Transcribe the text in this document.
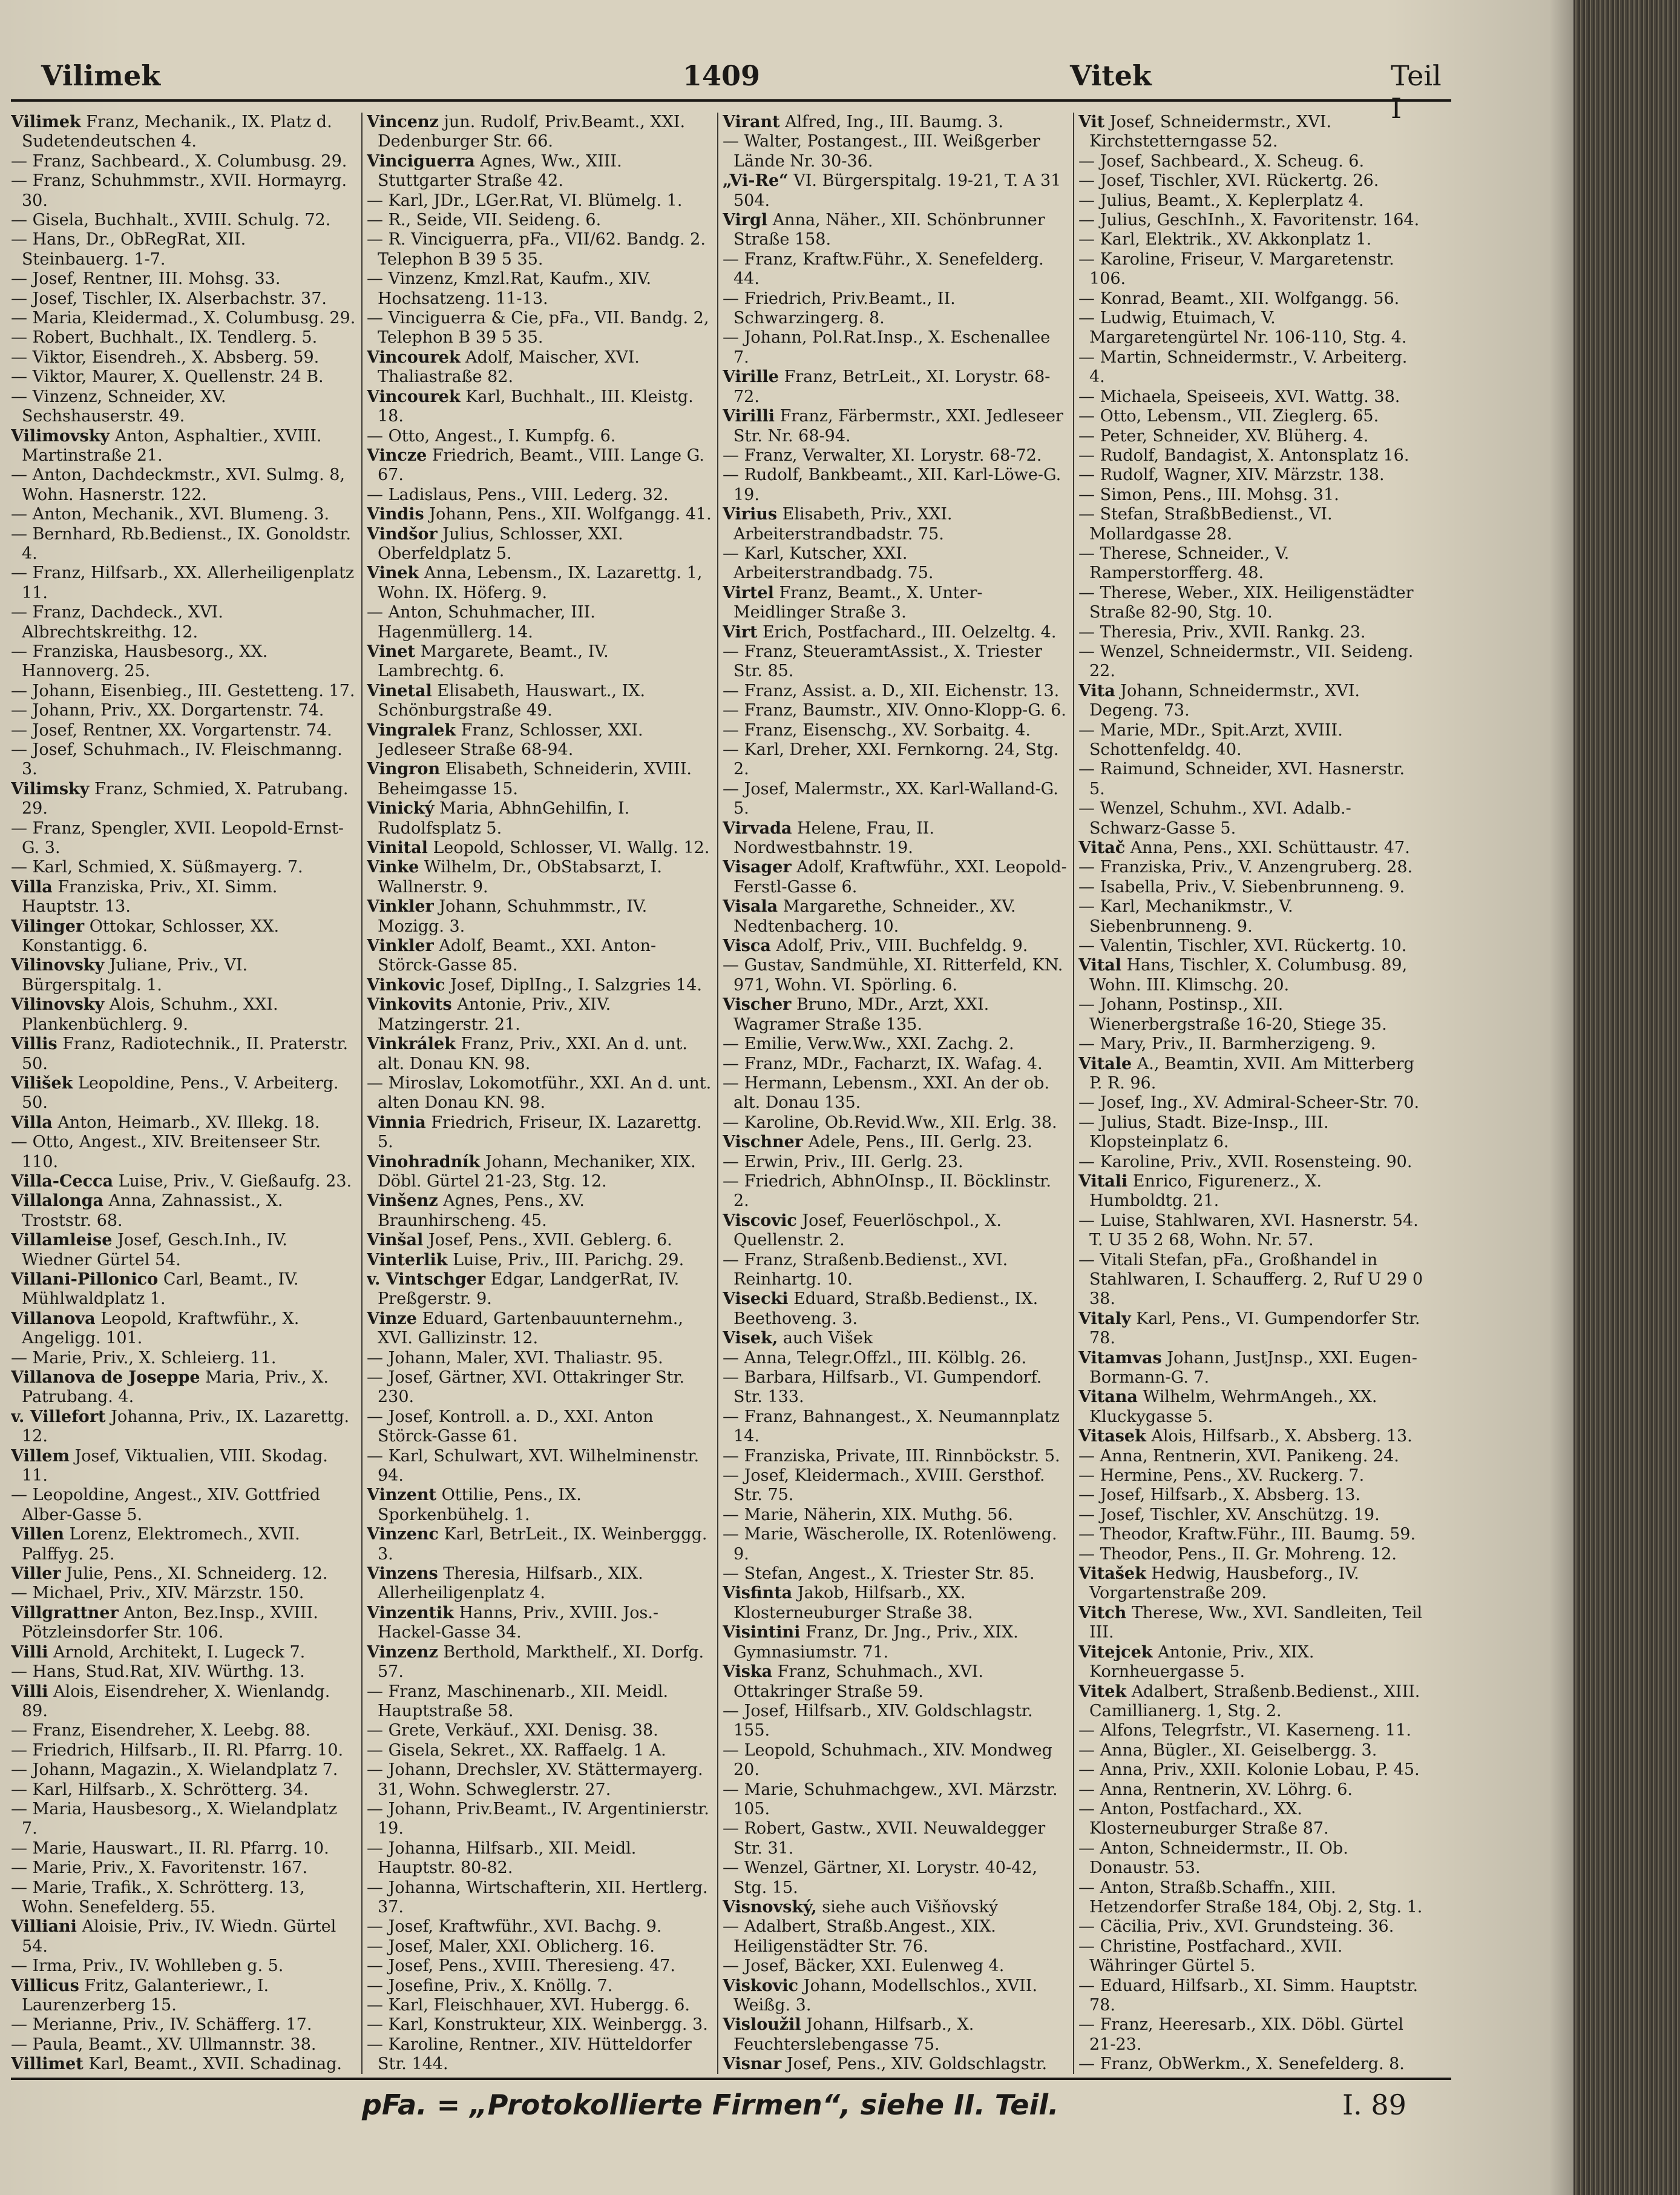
Vilimek	1409	Vitek	Teil I
Vilimek Franz, Mechanik., IX. Platz d. Sudetendeutschen 4.
— Franz, Sachbeard., X. Columbusg. 29.
— Franz, Schuhmmstr., XVII. Hormayrg. 30.
— Gisela, Buchhalt., XVIII. Schulg. 72.
— Hans, Dr., ObRegRat, XII. Steinbauerg. 1-7.
— Josef, Rentner, III. Mohsg. 33.
— Josef, Tischler, IX. Alserbachstr. 37.
— Maria, Kleidermad., X. Columbusg. 29.
— Robert, Buchhalt., IX. Tendlerg. 5.
— Viktor, Eisendreh., X. Absberg. 59.
— Viktor, Maurer, X. Quellenstr. 24 B.
— Vinzenz, Schneider, XV. Sechshauserstr. 49.
Vilimovsky Anton, Asphaltier., XVIII. Martinstraße 21.
— Anton, Dachdeckmstr., XVI. Sulmg. 8, Wohn. Hasnerstr. 122.
— Anton, Mechanik., XVI. Blumeng. 3.
— Bernhard, Rb.Bedienst., IX. Gonoldstr. 4.
— Franz, Hilfsarb., XX. Allerheiligenplatz 11.
— Franz, Dachdeck., XVI. Albrechtskreithg. 12.
— Franziska, Hausbesorg., XX. Hannoverg. 25.
— Johann, Eisenbieg., III. Gestetteng. 17.
— Johann, Priv., XX. Dorgartenstr. 74.
— Josef, Rentner, XX. Vorgartenstr. 74.
— Josef, Schuhmach., IV. Fleischmanng. 3.
Vilimsky Franz, Schmied, X. Patrubang. 29.
— Franz, Spengler, XVII. Leopold-Ernst-G. 3.
— Karl, Schmied, X. Süßmayerg. 7.
Villa Franziska, Priv., XI. Simm. Hauptstr. 13.
Vilinger Ottokar, Schlosser, XX. Konstantigg. 6.
Vilinovsky Juliane, Priv., VI. Bürgerspitalg. 1.
Vilinovsky Alois, Schuhm., XXI. Plankenbüchlerg. 9.
Villis Franz, Radiotechnik., II. Praterstr. 50.
Vilišek Leopoldine, Pens., V. Arbeiterg. 50.
Villa Anton, Heimarb., XV. Illekg. 18.
— Otto, Angest., XIV. Breitenseer Str. 110.
Villa-Cecca Luise, Priv., V. Gießaufg. 23.
Villalonga Anna, Zahnassist., X. Troststr. 68.
Villamleise Josef, Gesch.Inh., IV. Wiedner Gürtel 54.
Villani-Pillonico Carl, Beamt., IV. Mühlwaldplatz 1.
Villanova Leopold, Kraftwführ., X. Angeligg. 101.
— Marie, Priv., X. Schleierg. 11.
Villanova de Joseppe Maria, Priv., X. Patrubang. 4.
v. Villefort Johanna, Priv., IX. Lazarettg. 12.
Villem Josef, Viktualien, VIII. Skodag. 11.
— Leopoldine, Angest., XIV. Gottfried Alber-Gasse 5.
Villen Lorenz, Elektromech., XVII. Palffyg. 25.
Viller Julie, Pens., XI. Schneiderg. 12.
— Michael, Priv., XIV. Märzstr. 150.
Villgrattner Anton, Bez.Insp., XVIII. Pötzleinsdorfer Str. 106.
Villi Arnold, Architekt, I. Lugeck 7.
— Hans, Stud.Rat, XIV. Würthg. 13.
Villi Alois, Eisendreher, X. Wienlandg. 89.
— Franz, Eisendreher, X. Leebg. 88.
— Friedrich, Hilfsarb., II. Rl. Pfarrg. 10.
— Johann, Magazin., X. Wielandplatz 7.
— Karl, Hilfsarb., X. Schrötterg. 34.
— Maria, Hausbesorg., X. Wielandplatz 7.
— Marie, Hauswart., II. Rl. Pfarrg. 10.
— Marie, Priv., X. Favoritenstr. 167.
— Marie, Trafik., X. Schrötterg. 13, Wohn. Senefelderg. 55.
Villiani Aloisie, Priv., IV. Wiedn. Gürtel 54.
— Irma, Priv., IV. Wohlleben g. 5.
Villicus Fritz, Galanteriewr., I. Laurenzerberg 15.
— Merianne, Priv., IV. Schäfferg. 17.
— Paula, Beamt., XV. Ullmannstr. 38.
Villimet Karl, Beamt., XVII. Schadinag.
Vincenz jun. Rudolf, Priv.Beamt., XXI. Dedenburger Str. 66.
Vinciguerra Agnes, Ww., XIII. Stuttgarter Straße 42.
— Karl, JDr., LGer.Rat, VI. Blümelg. 1.
— R., Seide, VII. Seideng. 6.
— R. Vinciguerra, pFa., VII/62. Bandg. 2. Telephon B 39 5 35.
— Vinzenz, Kmzl.Rat, Kaufm., XIV. Hochsatzeng. 11-13.
— Vinciguerra & Cie, pFa., VII. Bandg. 2, Telephon B 39 5 35.
Vincourek Adolf, Maischer, XVI. Thaliastraße 82.
Vincourek Karl, Buchhalt., III. Kleistg. 18.
— Otto, Angest., I. Kumpfg. 6.
Vincze Friedrich, Beamt., VIII. Lange G. 67.
— Ladislaus, Pens., VIII. Lederg. 32.
Vindis Johann, Pens., XII. Wolfgangg. 41.
Vindšor Julius, Schlosser, XXI. Oberfeldplatz 5.
Vinek Anna, Lebensm., IX. Lazarettg. 1, Wohn. IX. Höferg. 9.
— Anton, Schuhmacher, III. Hagenmüllerg. 14.
Vinet Margarete, Beamt., IV. Lambrechtg. 6.
Vinetal Elisabeth, Hauswart., IX. Schönburgstraße 49.
Vingralek Franz, Schlosser, XXI. Jedleseer Straße 68-94.
Vingron Elisabeth, Schneiderin, XVIII. Beheimgasse 15.
Vinický Maria, AbhnGehilfin, I. Rudolfsplatz 5.
Vinital Leopold, Schlosser, VI. Wallg. 12.
Vinke Wilhelm, Dr., ObStabsarzt, I. Wallnerstr. 9.
Vinkler Johann, Schuhmmstr., IV. Mozigg. 3.
Vinkler Adolf, Beamt., XXI. Anton-Störck-Gasse 85.
Vinkovic Josef, DiplIng., I. Salzgries 14.
Vinkovits Antonie, Priv., XIV. Matzingerstr. 21.
Vinkrálek Franz, Priv., XXI. An d. unt. alt. Donau KN. 98.
— Miroslav, Lokomotführ., XXI. An d. unt. alten Donau KN. 98.
Vinnia Friedrich, Friseur, IX. Lazarettg. 5.
Vinohradník Johann, Mechaniker, XIX. Döbl. Gürtel 21-23, Stg. 12.
Vinšenz Agnes, Pens., XV. Braunhirscheng. 45.
Vinšal Josef, Pens., XVII. Geblerg. 6.
Vinterlik Luise, Priv., III. Parichg. 29.
v. Vintschger Edgar, LandgerRat, IV. Preßgerstr. 9.
Vinze Eduard, Gartenbauunternehm., XVI. Gallizinstr. 12.
— Johann, Maler, XVI. Thaliastr. 95.
— Josef, Gärtner, XVI. Ottakringer Str. 230.
— Josef, Kontroll. a. D., XXI. Anton Störck-Gasse 61.
— Karl, Schulwart, XVI. Wilhelminenstr. 94.
Vinzent Ottilie, Pens., IX. Sporkenbühelg. 1.
Vinzenc Karl, BetrLeit., IX. Weinberggg. 3.
Vinzens Theresia, Hilfsarb., XIX. Allerheiligenplatz 4.
Vinzentik Hanns, Priv., XVIII. Jos.-Hackel-Gasse 34.
Vinzenz Berthold, Markthelf., XI. Dorfg. 57.
— Franz, Maschinenarb., XII. Meidl. Hauptstraße 58.
— Grete, Verkäuf., XXI. Denisg. 38.
— Gisela, Sekret., XX. Raffaelg. 1 A.
— Johann, Drechsler, XV. Stättermayerg. 31, Wohn. Schweglerstr. 27.
— Johann, Priv.Beamt., IV. Argentinierstr. 19.
— Johanna, Hilfsarb., XII. Meidl. Hauptstr. 80-82.
— Johanna, Wirtschafterin, XII. Hertlerg. 37.
— Josef, Kraftwführ., XVI. Bachg. 9.
— Josef, Maler, XXI. Oblicherg. 16.
— Josef, Pens., XVIII. Theresieng. 47.
— Josefine, Priv., X. Knöllg. 7.
— Karl, Fleischhauer, XVI. Hubergg. 6.
— Karl, Konstrukteur, XIX. Weinbergg. 3.
— Karoline, Rentner., XIV. Hütteldorfer Str. 144.
Virant Alfred, Ing., III. Baumg. 3.
— Walter, Postangest., III. Weißgerber Lände Nr. 30-36.
„Vi-Re“ VI. Bürgerspitalg. 19-21, T. A 31 504.
Virgl Anna, Näher., XII. Schönbrunner Straße 158.
— Franz, Kraftw.Führ., X. Senefelderg. 44.
— Friedrich, Priv.Beamt., II. Schwarzingerg. 8.
— Johann, Pol.Rat.Insp., X. Eschenallee 7.
Virille Franz, BetrLeit., XI. Lorystr. 68-72.
Virilli Franz, Färbermstr., XXI. Jedleseer Str. Nr. 68-94.
— Franz, Verwalter, XI. Lorystr. 68-72.
— Rudolf, Bankbeamt., XII. Karl-Löwe-G. 19.
Virius Elisabeth, Priv., XXI. Arbeiterstrandbadstr. 75.
— Karl, Kutscher, XXI. Arbeiterstrandbadg. 75.
Virtel Franz, Beamt., X. Unter-Meidlinger Straße 3.
Virt Erich, Postfachard., III. Oelzeltg. 4.
— Franz, SteueramtAssist., X. Triester Str. 85.
— Franz, Assist. a. D., XII. Eichenstr. 13.
— Franz, Baumstr., XIV. Onno-Klopp-G. 6.
— Franz, Eisenschg., XV. Sorbaitg. 4.
— Karl, Dreher, XXI. Fernkorng. 24, Stg. 2.
— Josef, Malermstr., XX. Karl-Walland-G. 5.
Virvada Helene, Frau, II. Nordwestbahnstr. 19.
Visager Adolf, Kraftwführ., XXI. Leopold-Ferstl-Gasse 6.
Visala Margarethe, Schneider., XV. Nedtenbacherg. 10.
Visca Adolf, Priv., VIII. Buchfeldg. 9.
— Gustav, Sandmühle, XI. Ritterfeld, KN. 971, Wohn. VI. Spörling. 6.
Vischer Bruno, MDr., Arzt, XXI. Wagramer Straße 135.
— Emilie, Verw.Ww., XXI. Zachg. 2.
— Franz, MDr., Facharzt, IX. Wafag. 4.
— Hermann, Lebensm., XXI. An der ob. alt. Donau 135.
— Karoline, Ob.Revid.Ww., XII. Erlg. 38.
Vischner Adele, Pens., III. Gerlg. 23.
— Erwin, Priv., III. Gerlg. 23.
— Friedrich, AbhnOInsp., II. Böcklinstr. 2.
Viscovic Josef, Feuerlöschpol., X. Quellenstr. 2.
— Franz, Straßenb.Bedienst., XVI. Reinhartg. 10.
Visecki Eduard, Straßb.Bedienst., IX. Beethoveng. 3.
Visek, auch Višek
— Anna, Telegr.Offzl., III. Kölblg. 26.
— Barbara, Hilfsarb., VI. Gumpendorf. Str. 133.
— Franz, Bahnangest., X. Neumannplatz 14.
— Franziska, Private, III. Rinnböckstr. 5.
— Josef, Kleidermach., XVIII. Gersthof. Str. 75.
— Marie, Näherin, XIX. Muthg. 56.
— Marie, Wäscherolle, IX. Rotenlöweng. 9.
— Stefan, Angest., X. Triester Str. 85.
Visfinta Jakob, Hilfsarb., XX. Klosterneuburger Straße 38.
Visintini Franz, Dr. Jng., Priv., XIX. Gymnasiumstr. 71.
Viska Franz, Schuhmach., XVI. Ottakringer Straße 59.
— Josef, Hilfsarb., XIV. Goldschlagstr. 155.
— Leopold, Schuhmach., XIV. Mondweg 20.
— Marie, Schuhmachgew., XVI. Märzstr. 105.
— Robert, Gastw., XVII. Neuwaldegger Str. 31.
— Wenzel, Gärtner, XI. Lorystr. 40-42, Stg. 15.
Visnovský, siehe auch Višňovský
— Adalbert, Straßb.Angest., XIX. Heiligenstädter Str. 76.
— Josef, Bäcker, XXI. Eulenweg 4.
Viskovic Johann, Modellschlos., XVII. Weißg. 3.
Visloužil Johann, Hilfsarb., X. Feuchterslebengasse 75.
Visnar Josef, Pens., XIV. Goldschlagstr.
Vit Josef, Schneidermstr., XVI. Kirchstetterngasse 52.
— Josef, Sachbeard., X. Scheug. 6.
— Josef, Tischler, XVI. Rückertg. 26.
— Julius, Beamt., X. Keplerplatz 4.
— Julius, GeschInh., X. Favoritenstr. 164.
— Karl, Elektrik., XV. Akkonplatz 1.
— Karoline, Friseur, V. Margaretenstr. 106.
— Konrad, Beamt., XII. Wolfgangg. 56.
— Ludwig, Etuimach, V. Margaretengürtel Nr. 106-110, Stg. 4.
— Martin, Schneidermstr., V. Arbeiterg. 4.
— Michaela, Speiseeis, XVI. Wattg. 38.
— Otto, Lebensm., VII. Zieglerg. 65.
— Peter, Schneider, XV. Blüherg. 4.
— Rudolf, Bandagist, X. Antonsplatz 16.
— Rudolf, Wagner, XIV. Märzstr. 138.
— Simon, Pens., III. Mohsg. 31.
— Stefan, StraßbBedienst., VI. Mollardgasse 28.
— Therese, Schneider., V. Ramperstorfferg. 48.
— Therese, Weber., XIX. Heiligenstädter Straße 82-90, Stg. 10.
— Theresia, Priv., XVII. Rankg. 23.
— Wenzel, Schneidermstr., VII. Seideng. 22.
Vita Johann, Schneidermstr., XVI. Degeng. 73.
— Marie, MDr., Spit.Arzt, XVIII. Schottenfeldg. 40.
— Raimund, Schneider, XVI. Hasnerstr. 5.
— Wenzel, Schuhm., XVI. Adalb.-Schwarz-Gasse 5.
Vitač Anna, Pens., XXI. Schüttaustr. 47.
— Franziska, Priv., V. Anzengruberg. 28.
— Isabella, Priv., V. Siebenbrunneng. 9.
— Karl, Mechanikmstr., V. Siebenbrunneng. 9.
— Valentin, Tischler, XVI. Rückertg. 10.
Vital Hans, Tischler, X. Columbusg. 89, Wohn. III. Klimschg. 20.
— Johann, Postinsp., XII. Wienerbergstraße 16-20, Stiege 35.
— Mary, Priv., II. Barmherzigeng. 9.
Vitale A., Beamtin, XVII. Am Mitterberg P. R. 96.
— Josef, Ing., XV. Admiral-Scheer-Str. 70.
— Julius, Stadt. Bize-Insp., III. Klopsteinplatz 6.
— Karoline, Priv., XVII. Rosensteing. 90.
Vitali Enrico, Figurenerz., X. Humboldtg. 21.
— Luise, Stahlwaren, XVI. Hasnerstr. 54. T. U 35 2 68, Wohn. Nr. 57.
— Vitali Stefan, pFa., Großhandel in Stahlwaren, I. Schaufferg. 2, Ruf U 29 0 38.
Vitaly Karl, Pens., VI. Gumpendorfer Str. 78.
Vitamvas Johann, JustJnsp., XXI. Eugen-Bormann-G. 7.
Vitana Wilhelm, WehrmAngeh., XX. Kluckygasse 5.
Vitasek Alois, Hilfsarb., X. Absberg. 13.
— Anna, Rentnerin, XVI. Panikeng. 24.
— Hermine, Pens., XV. Ruckerg. 7.
— Josef, Hilfsarb., X. Absberg. 13.
— Josef, Tischler, XV. Anschützg. 19.
— Theodor, Kraftw.Führ., III. Baumg. 59.
— Theodor, Pens., II. Gr. Mohreng. 12.
Vitašek Hedwig, Hausbeforg., IV. Vorgartenstraße 209.
Vitch Therese, Ww., XVI. Sandleiten, Teil III.
Vitejcek Antonie, Priv., XIX. Kornheuergasse 5.
Vitek Adalbert, Straßenb.Bedienst., XIII. Camillianerg. 1, Stg. 2.
— Alfons, Telegrfstr., VI. Kaserneng. 11.
— Anna, Bügler., XI. Geiselbergg. 3.
— Anna, Priv., XXII. Kolonie Lobau, P. 45.
— Anna, Rentnerin, XV. Löhrg. 6.
— Anton, Postfachard., XX. Klosterneuburger Straße 87.
— Anton, Schneidermstr., II. Ob. Donaustr. 53.
— Anton, Straßb.Schaffn., XIII. Hetzendorfer Straße 184, Obj. 2, Stg. 1.
— Cäcilia, Priv., XVI. Grundsteing. 36.
— Christine, Postfachard., XVII. Währinger Gürtel 5.
— Eduard, Hilfsarb., XI. Simm. Hauptstr. 78.
— Franz, Heeresarb., XIX. Döbl. Gürtel 21-23.
— Franz, ObWerkm., X. Senefelderg. 8.
pFa. = „Protokollierte Firmen“, siehe II. Teil.	I. 89
